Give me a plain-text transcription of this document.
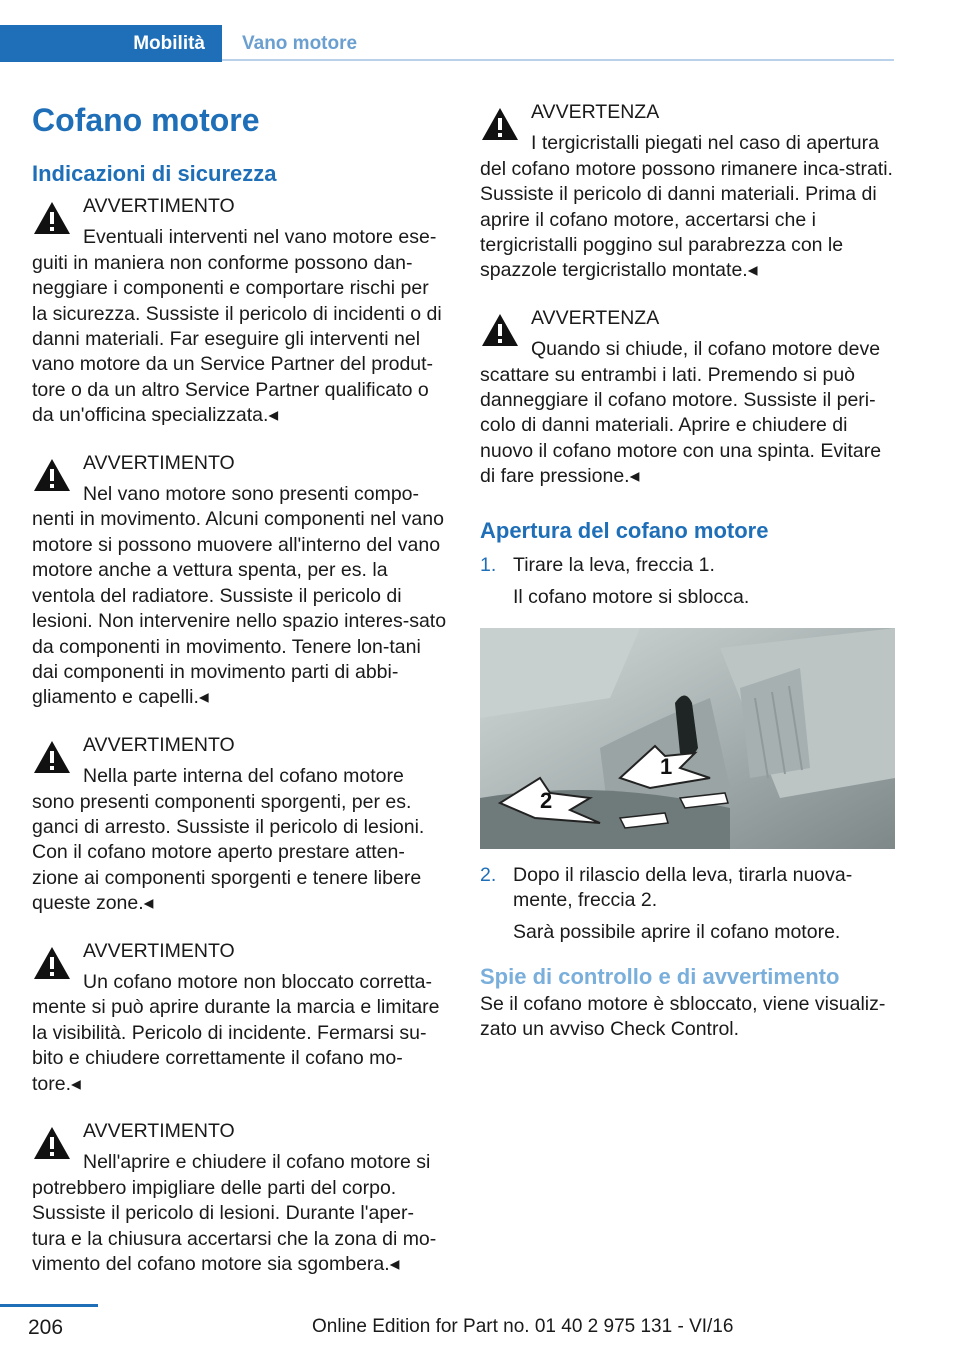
Mobilità Vano motore
Cofano motore
Indicazioni di sicurezza
AVVERTIMENTO
Eventuali interventi nel vano motore ese-
guiti in maniera non conforme possono dan-neggiare i componenti e comportare rischi per la sicurezza. Sussiste il pericolo di incidenti o di danni materiali. Far eseguire gli interventi nel vano motore da un Service Partner del produt-tore o da un altro Service Partner qualificato o da un'officina specializzata.◂
AVVERTIMENTO
Nel vano motore sono presenti compo-
nenti in movimento. Alcuni componenti nel vano motore si possono muovere all'interno del vano motore anche a vettura spenta, per es. la ventola del radiatore. Sussiste il pericolo di lesioni. Non intervenire nello spazio interes-sato da componenti in movimento. Tenere lon-tani dai componenti in movimento parti di abbi-gliamento e capelli.◂
AVVERTIMENTO
Nella parte interna del cofano motore
sono presenti componenti sporgenti, per es. ganci di arresto. Sussiste il pericolo di lesioni. Con il cofano motore aperto prestare atten-zione ai componenti sporgenti e tenere libere queste zone.◂
AVVERTIMENTO
Un cofano motore non bloccato corretta-
mente si può aprire durante la marcia e limitare la visibilità. Pericolo di incidente. Fermarsi su-bito e chiudere correttamente il cofano mo-tore.◂
AVVERTIMENTO
Nell'aprire e chiudere il cofano motore si
potrebbero impigliare delle parti del corpo. Sussiste il pericolo di lesioni. Durante l'aper-tura e la chiusura accertarsi che la zona di mo-vimento del cofano motore sia sgombera.◂
AVVERTENZA
I tergicristalli piegati nel caso di apertura
del cofano motore possono rimanere inca-strati. Sussiste il pericolo di danni materiali. Prima di aprire il cofano motore, accertarsi che i tergicristalli poggino sul parabrezza con le spazzole tergicristallo montate.◂
AVVERTENZA
Quando si chiude, il cofano motore deve
scattare su entrambi i lati. Premendo si può danneggiare il cofano motore. Sussiste il peri-colo di danni materiali. Aprire e chiudere di nuovo il cofano motore con una spinta. Evitare di fare pressione.◂
Apertura del cofano motore
1. Tirare la leva, freccia 1.
Il cofano motore si sblocca.
1
2
2. Dopo il rilascio della leva, tirarla nuova-mente, freccia 2.
Sarà possibile aprire il cofano motore.
Spie di controllo e di avvertimento

Se il cofano motore è sbloccato, viene visualiz-zato un avviso Check Control.

206	Online Edition for Part no. 01 40 2 975 131 - VI/16
